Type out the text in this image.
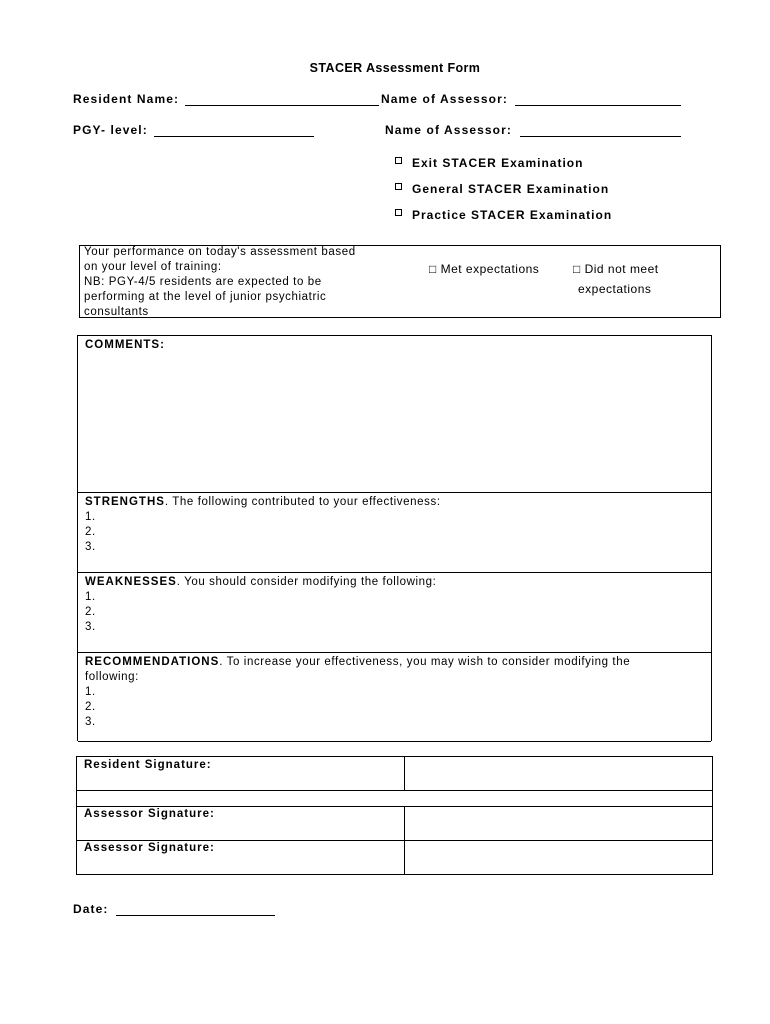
STACER Assessment Form
Resident Name:	Name of Assessor:
PGY- level:	Name of Assessor:
Exit STACER Examination
General STACER Examination
Practice STACER Examination
Your performance on today's assessment based
on your level of training:
NB: PGY-4/5 residents are expected to be
performing at the level of junior psychiatric
consultants
□ Met expectations	□ Did not meet
expectations
COMMENTS:
STRENGTHS. The following contributed to your effectiveness:
1.
2.
3.
WEAKNESSES. You should consider modifying the following:
1.
2.
3.
RECOMMENDATIONS. To increase your effectiveness, you may wish to consider modifying the
following:
1.
2.
3.
Resident Signature:	

Assessor Signature:	
Assessor Signature:	
Date:
